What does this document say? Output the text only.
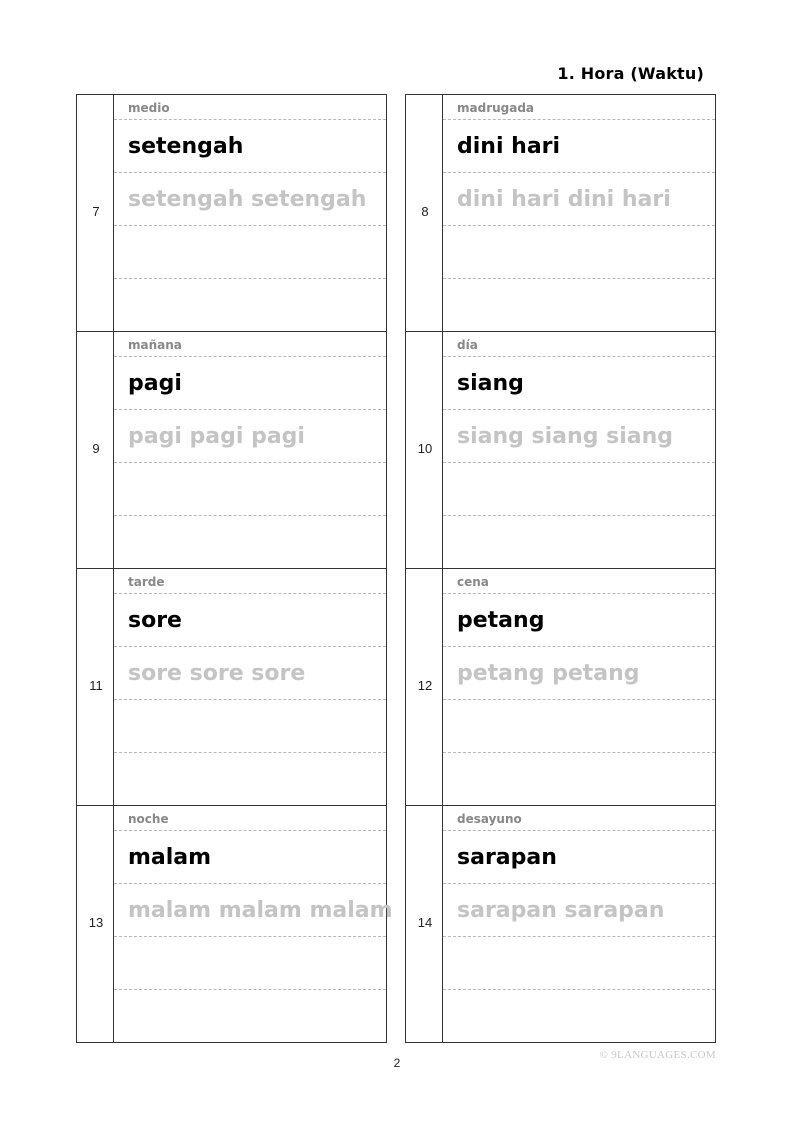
1. Hora (Waktu)
7
medio
setengah
setengah setengah
9
mañana
pagi
pagi pagi pagi
11
tarde
sore
sore sore sore
13
noche
malam
malam malam malam
8
madrugada
dini hari
dini hari dini hari
10
día
siang
siang siang siang
12
cena
petang
petang petang
14
desayuno
sarapan
sarapan sarapan
© 9LANGUAGES.COM
2
